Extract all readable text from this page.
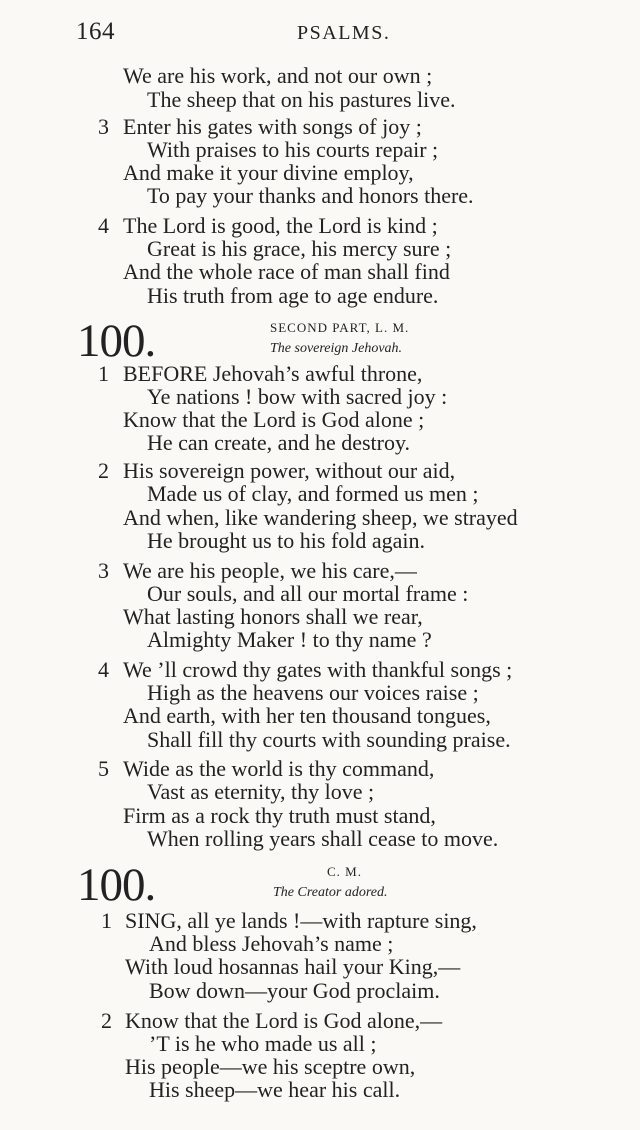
164	PSALMS.
We are his work, and not our own ;
The sheep that on his pastures live.
3 Enter his gates with songs of joy ;
With praises to his courts repair ;
And make it your divine employ,
To pay your thanks and honors there.
4 The Lord is good, the Lord is kind ;
Great is his grace, his mercy sure ;
And the whole race of man shall find
His truth from age to age endure.
100.	SECOND PART, L. M.
The sovereign Jehovah.
1 BEFORE Jehovah’s awful throne,
Ye nations ! bow with sacred joy :
Know that the Lord is God alone ;
He can create, and he destroy.
2 His sovereign power, without our aid,
Made us of clay, and formed us men ;
And when, like wandering sheep, we strayed
He brought us to his fold again.
3 We are his people, we his care,—
Our souls, and all our mortal frame :
What lasting honors shall we rear,
Almighty Maker ! to thy name ?
4 We ’ll crowd thy gates with thankful songs ;
High as the heavens our voices raise ;
And earth, with her ten thousand tongues,
Shall fill thy courts with sounding praise.
5 Wide as the world is thy command,
Vast as eternity, thy love ;
Firm as a rock thy truth must stand,
When rolling years shall cease to move.
100.	C. M.
The Creator adored.
1 SING, all ye lands !—with rapture sing,
And bless Jehovah’s name ;
With loud hosannas hail your King,—
Bow down—your God proclaim.
2 Know that the Lord is God alone,—
’T is he who made us all ;
His people—we his sceptre own,
His sheep—we hear his call.
